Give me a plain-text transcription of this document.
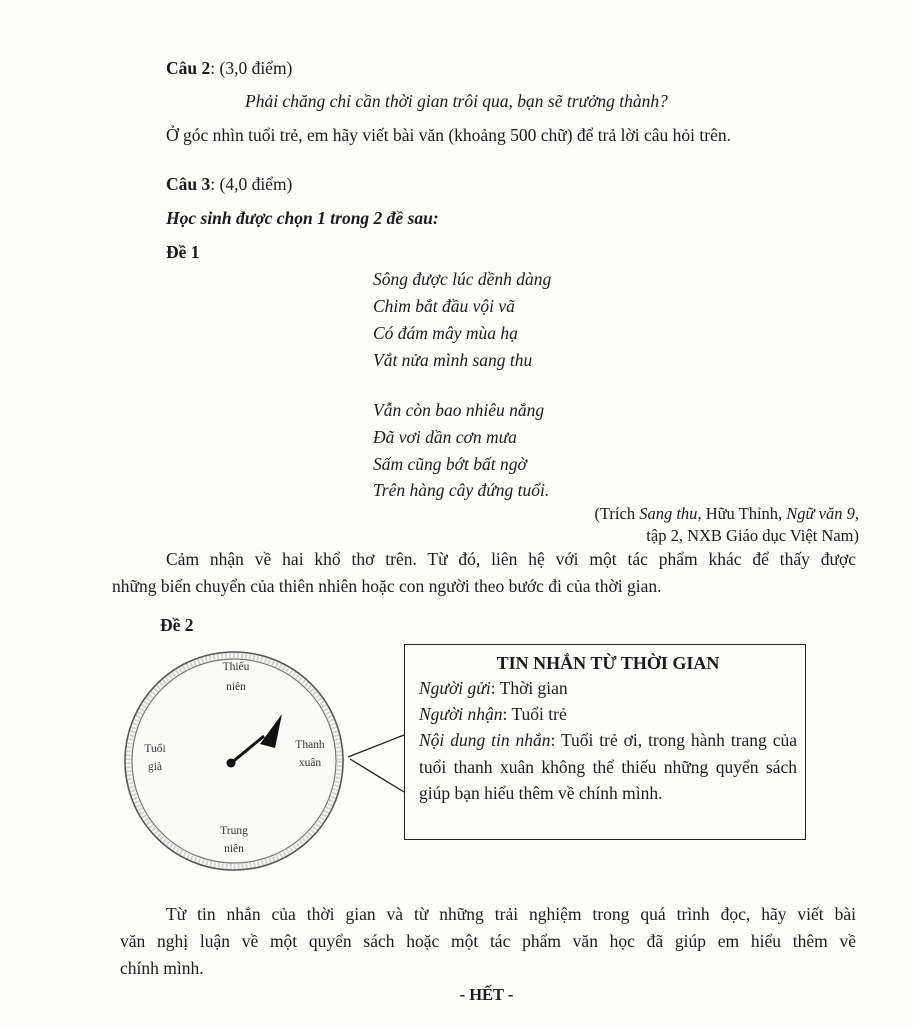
Câu 2: (3,0 điểm)
Phải chăng chỉ cần thời gian trôi qua, bạn sẽ trưởng thành?
Ở góc nhìn tuổi trẻ, em hãy viết bài văn (khoảng 500 chữ) để trả lời câu hỏi trên.
Câu 3: (4,0 điểm)
Học sinh được chọn 1 trong 2 đề sau:
Đề 1
Sông được lúc dềnh dàng
Chim bắt đầu vội vã
Có đám mây mùa hạ
Vắt nửa mình sang thu
Vẫn còn bao nhiêu nắng
Đã vơi dần cơn mưa
Sấm cũng bớt bất ngờ
Trên hàng cây đứng tuổi.
(Trích Sang thu, Hữu Thỉnh, Ngữ văn 9,
tập 2, NXB Giáo dục Việt Nam)
Cảm nhận về hai khổ thơ trên. Từ đó, liên hệ với một tác phẩm khác để thấy được
những biến chuyển của thiên nhiên hoặc con người theo bước đi của thời gian.
Đề 2
Thiếu
niên
Thanh
xuân
Trung
niên
Tuổi
già
TIN NHẮN TỪ THỜI GIAN
Người gửi: Thời gian
Người nhận: Tuổi trẻ
Nội dung tin nhắn: Tuổi trẻ ơi, trong hành trang của tuổi thanh xuân không thể thiếu những quyển sách giúp bạn hiểu thêm về chính mình.
Từ tin nhắn của thời gian và từ những trải nghiệm trong quá trình đọc, hãy viết bài
văn nghị luận về một quyển sách hoặc một tác phẩm văn học đã giúp em hiểu thêm về
chính mình.
- HẾT -
